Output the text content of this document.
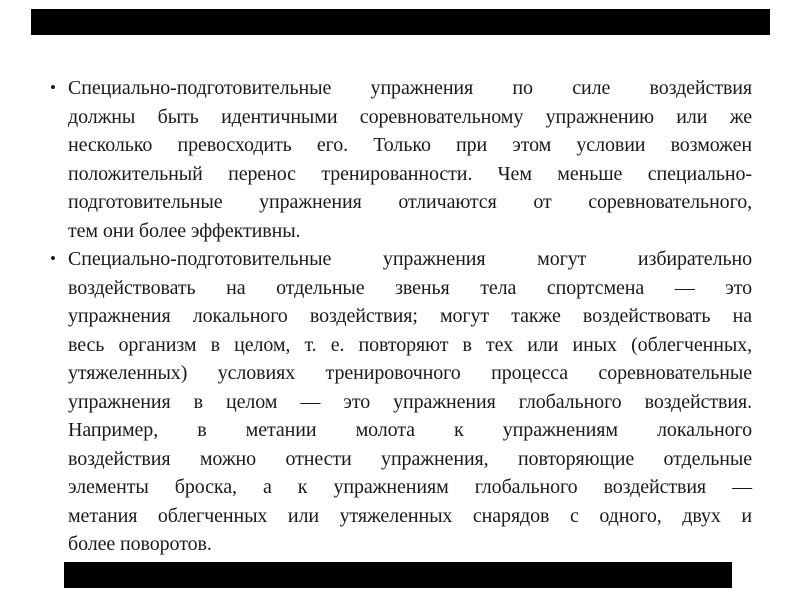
• Специально-подготовительные упражнения по силе воздействия
должны быть идентичными соревновательному упражнению или же
несколько превосходить его. Только при этом условии возможен
положительный перенос тренированности. Чем меньше специально-
подготовительные упражнения отличаются от соревновательного,
тем они более эффективны.
• Специально-подготовительные упражнения могут избирательно
воздействовать на отдельные звенья тела спортсмена — это
упражнения локального воздействия; могут также воздействовать на
весь организм в целом, т. е. повторяют в тех или иных (облегченных,
утяжеленных) условиях тренировочного процесса соревновательные
упражнения в целом — это упражнения глобального воздействия.
Например, в метании молота к упражнениям локального
воздействия можно отнести упражнения, повторяющие отдельные
элементы броска, а к упражнениям глобального воздействия —
метания облегченных или утяжеленных снарядов с одного, двух и
более поворотов.
